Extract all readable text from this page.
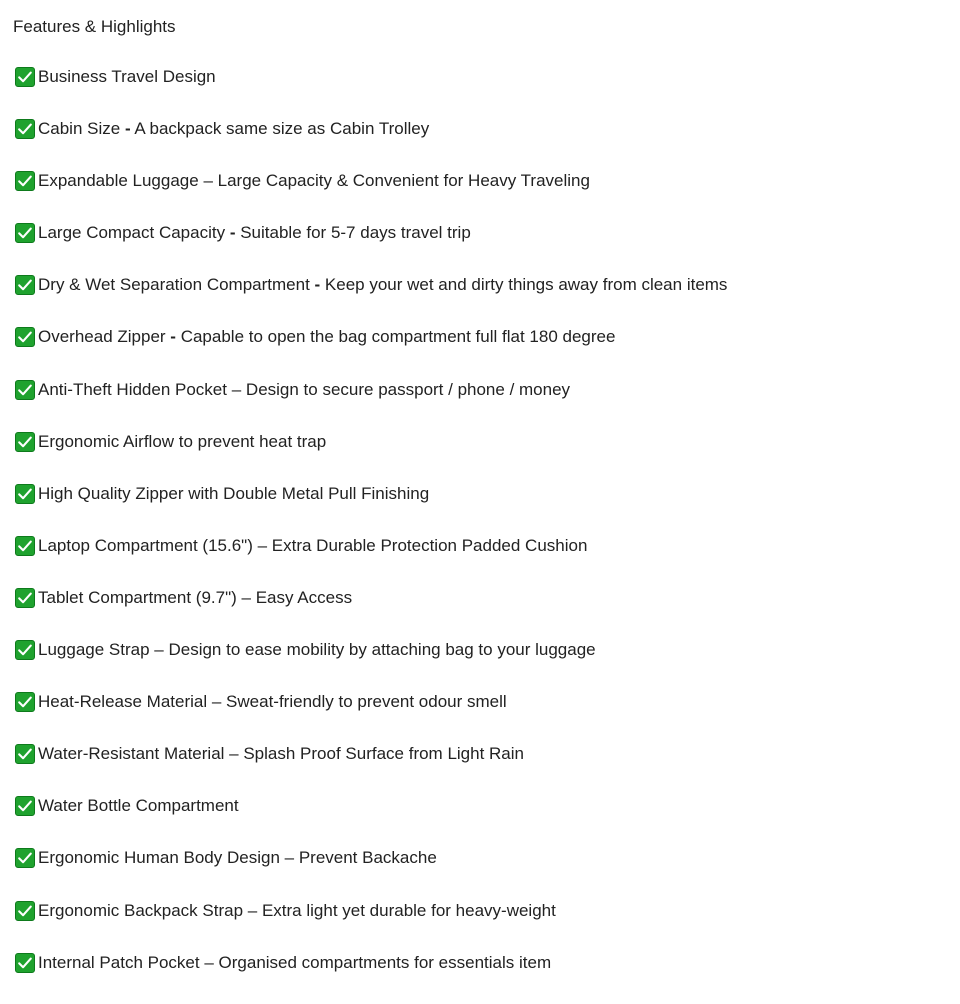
Features & Highlights
Business Travel Design
Cabin Size - A backpack same size as Cabin Trolley
Expandable Luggage – Large Capacity & Convenient for Heavy Traveling
Large Compact Capacity - Suitable for 5-7 days travel trip
Dry & Wet Separation Compartment - Keep your wet and dirty things away from clean items
Overhead Zipper - Capable to open the bag compartment full flat 180 degree
Anti-Theft Hidden Pocket – Design to secure passport / phone / money
Ergonomic Airflow to prevent heat trap
High Quality Zipper with Double Metal Pull Finishing
Laptop Compartment (15.6") – Extra Durable Protection Padded Cushion
Tablet Compartment (9.7") – Easy Access
Luggage Strap – Design to ease mobility by attaching bag to your luggage
Heat-Release Material – Sweat-friendly to prevent odour smell
Water-Resistant Material – Splash Proof Surface from Light Rain
Water Bottle Compartment
Ergonomic Human Body Design – Prevent Backache
Ergonomic Backpack Strap – Extra light yet durable for heavy-weight
Internal Patch Pocket – Organised compartments for essentials item
